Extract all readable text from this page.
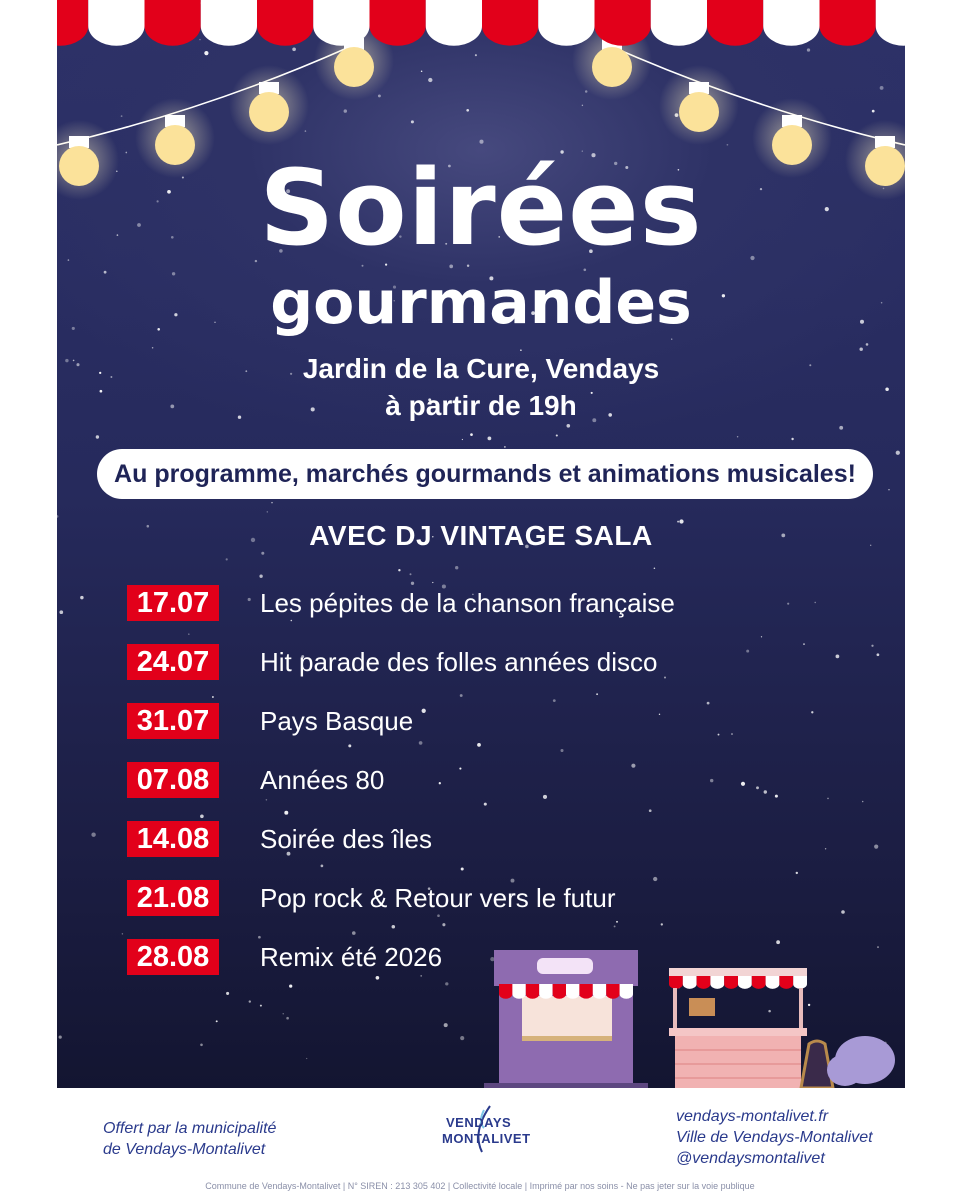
Soirées
gourmandes
Jardin de la Cure, Vendays
à partir de 19h
Au programme, marchés gourmands et animations musicales!
AVEC DJ VINTAGE SALA
17.07	Les pépites de la chanson française
24.07	Hit parade des folles années disco
31.07	Pays Basque
07.08	Années 80
14.08	Soirée des îles
21.08	Pop rock & Retour vers le futur
28.08	Remix été 2026
Offert par la municipalité
de Vendays-Montalivet
VENDAYS
MONTALIVET
vendays-montalivet.fr
Ville de Vendays-Montalivet
@vendaysmontalivet
Commune de Vendays-Montalivet | N° SIREN : 213 305 402 | Collectivité locale | Imprimé par nos soins - Ne pas jeter sur la voie publique
